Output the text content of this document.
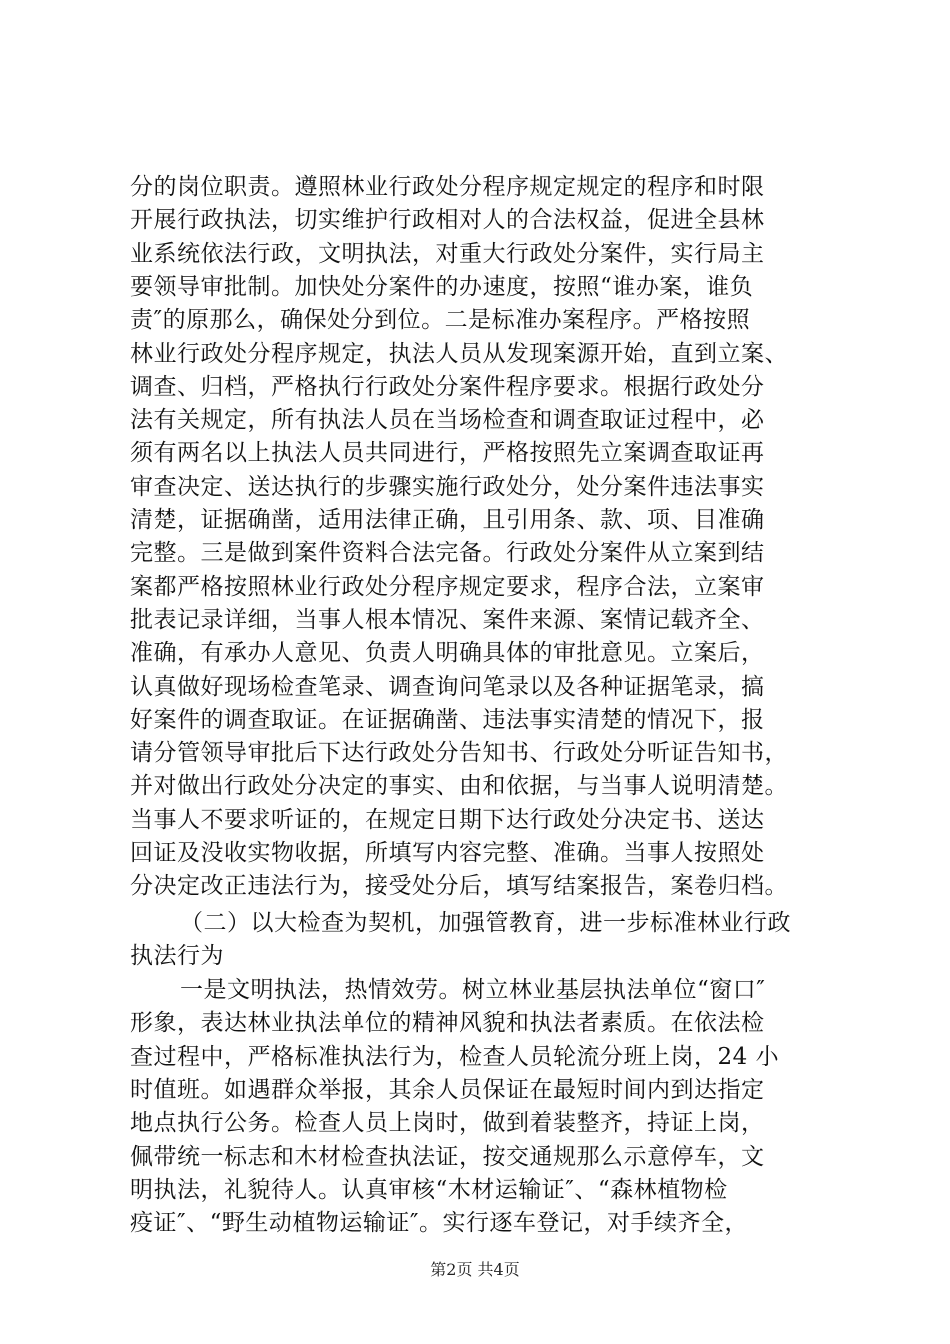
分的岗位职责。遵照林业行政处分程序规定规定的程序和时限
开展行政执法，切实维护行政相对人的合法权益，促进全县林
业系统依法行政，文明执法，对重大行政处分案件，实行局主
要领导审批制。加快处分案件的办速度，按照“谁办案，谁负
责″的原那么，确保处分到位。二是标准办案程序。严格按照
林业行政处分程序规定，执法人员从发现案源开始，直到立案、
调查、归档，严格执行行政处分案件程序要求。根据行政处分
法有关规定，所有执法人员在当场检查和调查取证过程中，必
须有两名以上执法人员共同进行，严格按照先立案调查取证再
审查决定、送达执行的步骤实施行政处分，处分案件违法事实
清楚，证据确凿，适用法律正确，且引用条、款、项、目准确
完整。三是做到案件资料合法完备。行政处分案件从立案到结
案都严格按照林业行政处分程序规定要求，程序合法，立案审
批表记录详细，当事人根本情况、案件来源、案情记载齐全、
准确，有承办人意见、负责人明确具体的审批意见。立案后，
认真做好现场检查笔录、调查询问笔录以及各种证据笔录，搞
好案件的调查取证。在证据确凿、违法事实清楚的情况下，报
请分管领导审批后下达行政处分告知书、行政处分听证告知书，
并对做出行政处分决定的事实、由和依据，与当事人说明清楚。
当事人不要求听证的，在规定日期下达行政处分决定书、送达
回证及没收实物收据，所填写内容完整、准确。当事人按照处
分决定改正违法行为，接受处分后，填写结案报告，案卷归档。
（二）以大检查为契机，加强管教育，进一步标准林业行政
执法行为
一是文明执法，热情效劳。树立林业基层执法单位“窗口″
形象，表达林业执法单位的精神风貌和执法者素质。在依法检
查过程中，严格标准执法行为，检查人员轮流分班上岗，24 小
时值班。如遇群众举报，其余人员保证在最短时间内到达指定
地点执行公务。检查人员上岗时，做到着装整齐，持证上岗，
佩带统一标志和木材检查执法证，按交通规那么示意停车，文
明执法，礼貌待人。认真审核“木材运输证″、“森林植物检
疫证″、“野生动植物运输证″。实行逐车登记，对手续齐全，
第2页 共4页
